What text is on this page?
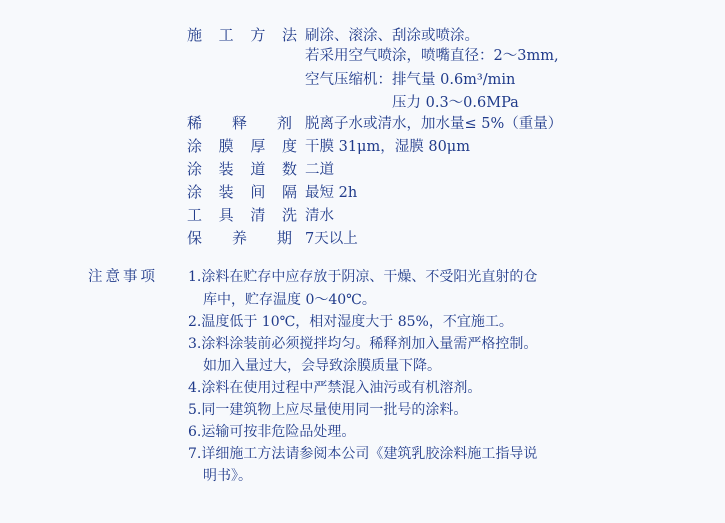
施 工 方 法 刷涂、滚涂、刮涂或喷涂。
若采用空气喷涂，喷嘴直径：2～3mm,
空气压缩机：排气量 0.6m³/min
压力 0.3～0.6MPa
稀 释 剂 脱离子水或清水，加水量≤ 5%（重量）
涂 膜 厚 度 干膜 31μm，湿膜 80μm
涂 装 道 数 二道
涂 装 间 隔 最短 2h
工 具 清 洗 清水
保 养 期 7天以上
注意事项 1.涂料在贮存中应存放于阴凉、干燥、不受阳光直射的仓
库中，贮存温度 0～40℃。
2.温度低于 10℃，相对湿度大于 85%，不宜施工。
3.涂料涂装前必须搅拌均匀。稀释剂加入量需严格控制。
如加入量过大，会导致涂膜质量下降。
4.涂料在使用过程中严禁混入油污或有机溶剂。
5.同一建筑物上应尽量使用同一批号的涂料。
6.运输可按非危险品处理。
7.详细施工方法请参阅本公司《建筑乳胶涂料施工指导说
明书》。
